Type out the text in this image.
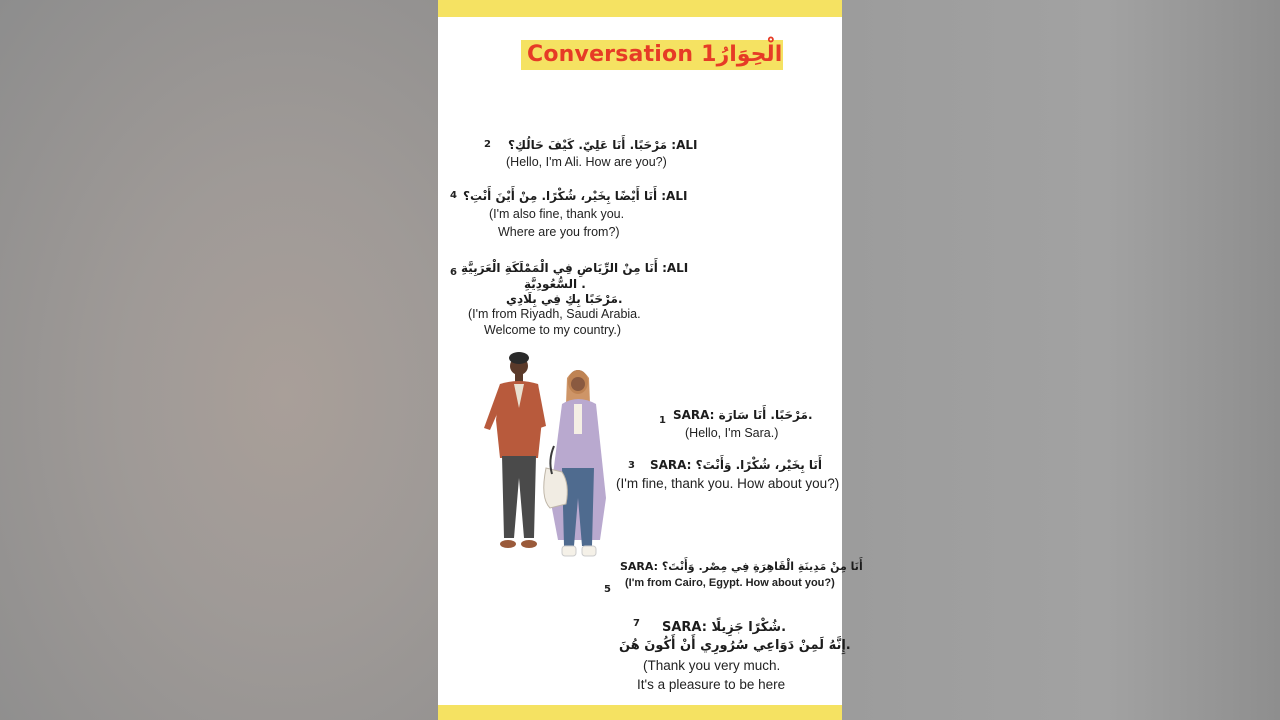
Conversation 1الْحِوَارُ
2 مَرْحَبًا. أَنَا عَلِيّ. كَيْفَ حَالُكِ؟ :ALI
(Hello, I'm Ali. How are you?)
4 أَنَا أَيْضًا بِخَيْر، شُكْرًا. مِنْ أَيْنَ أَنْتِ؟ :ALI
(I'm also fine, thank you.
Where are you from?)
6 أَنَا مِنْ الرِّيَاضِ فِي الْمَمْلَكَةِ الْعَرَبِيَّةِ :ALI
السُّعُودِيَّةِ .
مَرْحَبًا بِكِ فِي بِلَادِي.
(I'm from Riyadh, Saudi Arabia.
Welcome to my country.)
1 SARA: مَرْحَبًا. أَنَا سَارَة.
(Hello, I'm Sara.)
3 SARA: أَنَا بِخَيْر، شُكْرًا. وَأَنْتَ؟
(I'm fine, thank you. How about you?)
SARA: أَنَا مِنْ مَدِينَةِ الْقَاهِرَةِ فِي مِصْر. وَأَنْتَ؟
(I'm from Cairo, Egypt. How about you?)
5
7 SARA: شُكْرًا جَزِيلًا.
إِنَّهُ لَمِنْ دَوَاعِي سُرُورِي أَنْ أَكُونَ هُنَ.
(Thank you very much.
It's a pleasure to be here
